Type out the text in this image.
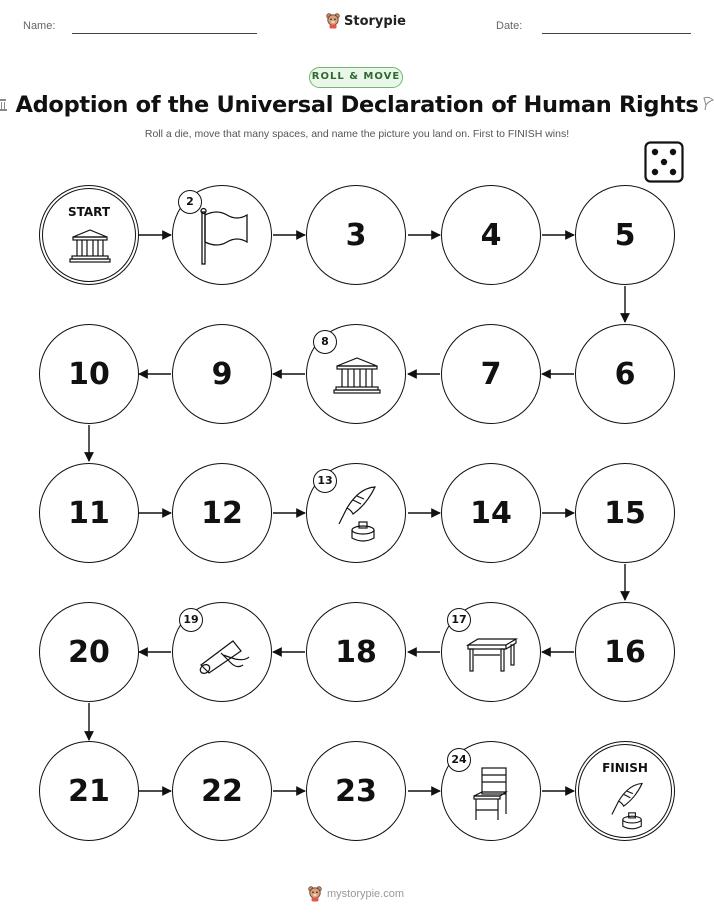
Name:	Storypie	Date:
ROLL & MOVE
Adoption of the Universal Declaration of Human Rights
Roll a die, move that many spaces, and name the picture you land on. First to FINISH wins!
START
2
3	4	5
10	9
8
7	6
11	12
13
14	15
20
19
18
17
16
21	22	23
24
FINISH
mystorypie.com
